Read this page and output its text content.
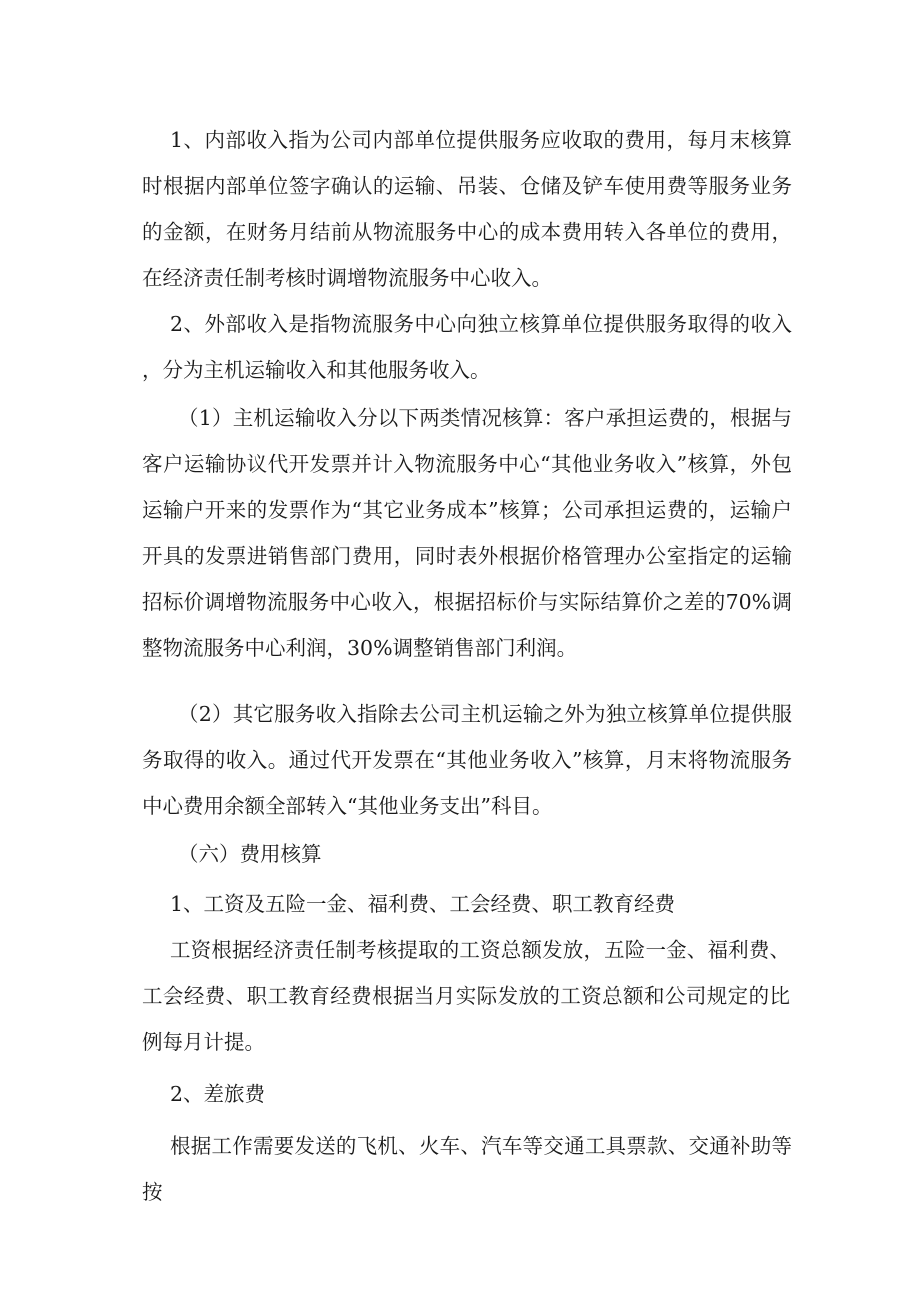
1、内部收入指为公司内部单位提供服务应收取的费用，每月末核算时根据内部单位签字确认的运输、吊装、仓储及铲车使用费等服务业务的金额，在财务月结前从物流服务中心的成本费用转入各单位的费用，在经济责任制考核时调增物流服务中心收入。

2、外部收入是指物流服务中心向独立核算单位提供服务取得的收入，分为主机运输收入和其他服务收入。

（1）主机运输收入分以下两类情况核算：客户承担运费的，根据与客户运输协议代开发票并计入物流服务中心“其他业务收入”核算，外包运输户开来的发票作为“其它业务成本”核算；公司承担运费的，运输户开具的发票进销售部门费用，同时表外根据价格管理办公室指定的运输招标价调增物流服务中心收入，根据招标价与实际结算价之差的70%调整物流服务中心利润，30%调整销售部门利润。

（2）其它服务收入指除去公司主机运输之外为独立核算单位提供服务取得的收入。通过代开发票在“其他业务收入”核算，月末将物流服务中心费用余额全部转入“其他业务支出”科目。

（六）费用核算

1、工资及五险一金、福利费、工会经费、职工教育经费

工资根据经济责任制考核提取的工资总额发放，五险一金、福利费、工会经费、职工教育经费根据当月实际发放的工资总额和公司规定的比例每月计提。

2、差旅费

根据工作需要发送的飞机、火车、汽车等交通工具票款、交通补助等按
